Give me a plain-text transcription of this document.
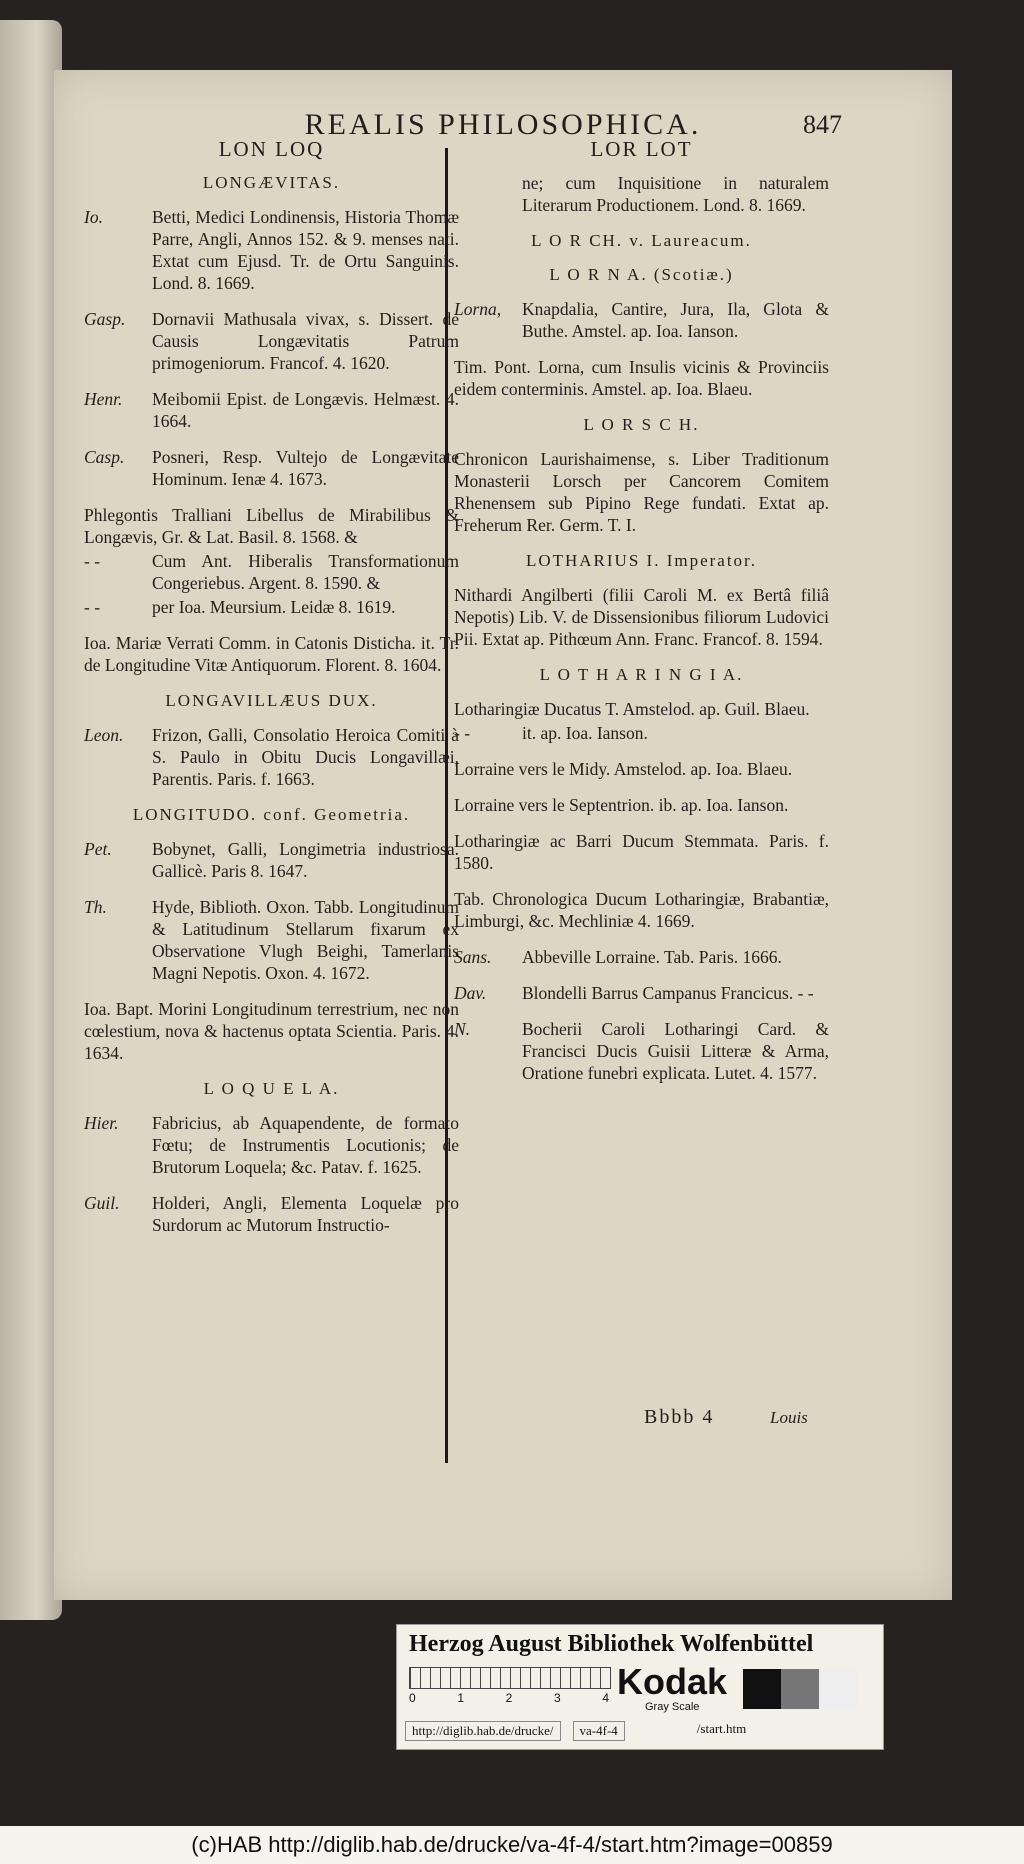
REALIS PHILOSOPHICA.	847
LON LOQ
LONGÆVITAS.
Io.	Betti, Medici Londinensis, Historia Thomæ Parre, Angli, Annos 152. & 9. menses nati. Extat cum Ejusd. Tr. de Ortu Sanguinis. Lond. 8. 1669.
Gasp.	Dornavii Mathusala vivax, s. Dissert. de Causis Longævitatis Patrum primogeniorum. Francof. 4. 1620.
Henr.	Meibomii Epist. de Longævis. Helmæst. 4. 1664.
Casp.	Posneri, Resp. Vultejo de Longævitate Hominum. Ienæ 4. 1673.
Phlegontis Tralliani Libellus de Mirabilibus & Longævis, Gr. & Lat. Basil. 8. 1568. &
- -	Cum Ant. Hiberalis Transformationum Congeriebus. Argent. 8. 1590. &
- -	per Ioa. Meursium. Leidæ 8. 1619.
Ioa. Mariæ Verrati Comm. in Catonis Disticha. it. Tr. de Longitudine Vitæ Antiquorum. Florent. 8. 1604.
LONGAVILLÆUS DUX.
Leon.	Frizon, Galli, Consolatio Heroica Comiti à S. Paulo in Obitu Ducis Longavillæi, Parentis. Paris. f. 1663.
LONGITUDO. conf. Geometria.
Pet.	Bobynet, Galli, Longimetria industriosa. Gallicè. Paris 8. 1647.
Th.	Hyde, Biblioth. Oxon. Tabb. Longitudinum & Latitudinum Stellarum fixarum ex Observatione Vlugh Beighi, Tamerlanis Magni Nepotis. Oxon. 4. 1672.
Ioa. Bapt. Morini Longitudinum terrestrium, nec non cœlestium, nova & hactenus optata Scientia. Paris. 4. 1634.
L O Q U E L A.
Hier.	Fabricius, ab Aquapendente, de formato Fœtu; de Instrumentis Locutionis; de Brutorum Loquela; &c. Patav. f. 1625.
Guil.	Holderi, Angli, Elementa Loquelæ pro Surdorum ac Mutorum Instructio-
LOR LOT
ne; cum Inquisitione in naturalem Literarum Productionem. Lond. 8. 1669.
L O R CH. v. Laureacum.
L O R N A. (Scotiæ.)
Lorna,	Knapdalia, Cantire, Jura, Ila, Glota & Buthe. Amstel. ap. Ioa. Ianson.
Tim. Pont. Lorna, cum Insulis vicinis & Provinciis eidem conterminis. Amstel. ap. Ioa. Blaeu.
L O R S C H.
Chronicon Laurishaimense, s. Liber Traditionum Monasterii Lorsch per Cancorem Comitem Rhenensem sub Pipino Rege fundati. Extat ap. Freherum Rer. Germ. T. I.
LOTHARIUS I. Imperator.
Nithardi Angilberti (filii Caroli M. ex Bertâ filiâ Nepotis) Lib. V. de Dissensionibus filiorum Ludovici Pii. Extat ap. Pithœum Ann. Franc. Francof. 8. 1594.
L O T H A R I N G I A.
Lotharingiæ Ducatus T. Amstelod. ap. Guil. Blaeu.
- -	it. ap. Ioa. Ianson.
Lorraine vers le Midy. Amstelod. ap. Ioa. Blaeu.
Lorraine vers le Septentrion. ib. ap. Ioa. Ianson.
Lotharingiæ ac Barri Ducum Stemmata. Paris. f. 1580.
Tab. Chronologica Ducum Lotharingiæ, Brabantiæ, Limburgi, &c. Mechliniæ 4. 1669.
Sans.	Abbeville Lorraine. Tab. Paris. 1666.
Dav.	Blondelli Barrus Campanus Francicus. - -
N.	Bocherii Caroli Lotharingi Card. & Francisci Ducis Guisii Litteræ & Arma, Oratione funebri explicata. Lutet. 4. 1577.
Bbbb 4	Louis
Herzog August Bibliothek Wolfenbüttel
0	1	2	3	4 Kodak
Gray Scale
http://diglib.hab.de/drucke/	va-4f-4	/start.htm
(c)HAB http://diglib.hab.de/drucke/va-4f-4/start.htm?image=00859
